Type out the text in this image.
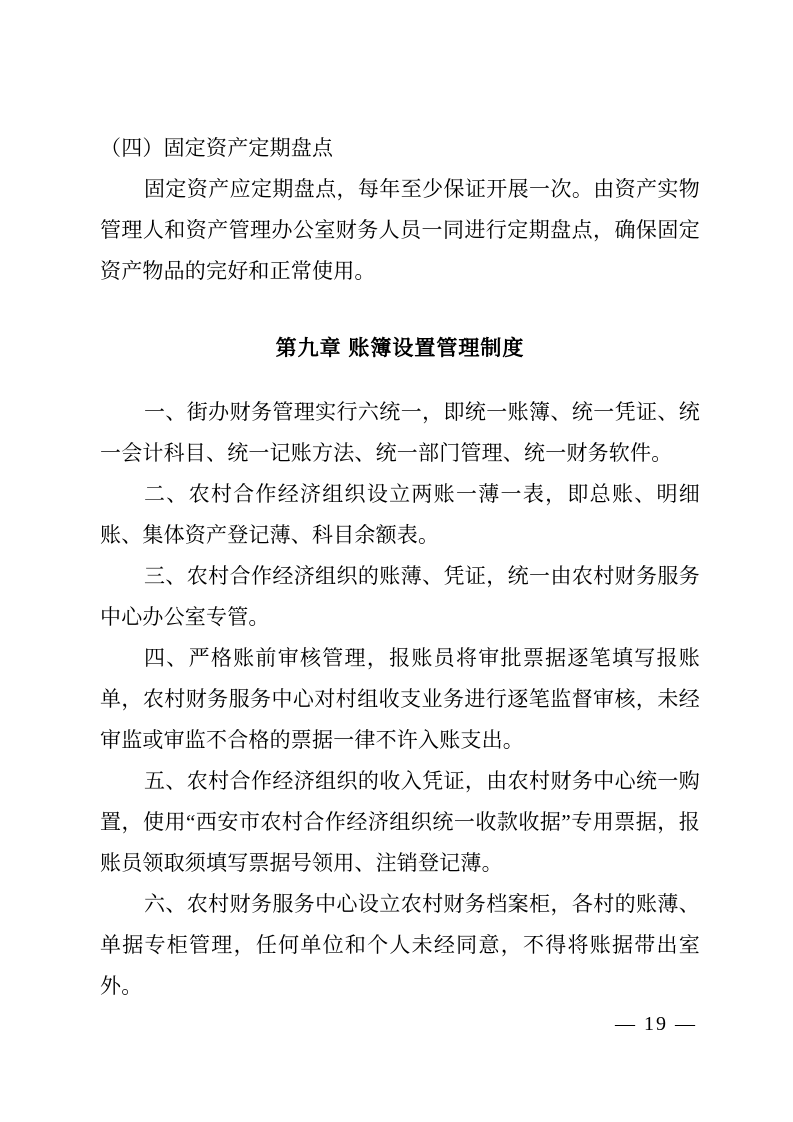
（四）固定资产定期盘点

固定资产应定期盘点，每年至少保证开展一次。由资产实物管理人和资产管理办公室财务人员一同进行定期盘点，确保固定资产物品的完好和正常使用。

第九章 账簿设置管理制度

一、街办财务管理实行六统一，即统一账簿、统一凭证、统一会计科目、统一记账方法、统一部门管理、统一财务软件。

二、农村合作经济组织设立两账一薄一表，即总账、明细账、集体资产登记薄、科目余额表。

三、农村合作经济组织的账薄、凭证，统一由农村财务服务中心办公室专管。

四、严格账前审核管理，报账员将审批票据逐笔填写报账单，农村财务服务中心对村组收支业务进行逐笔监督审核，未经审监或审监不合格的票据一律不许入账支出。

五、农村合作经济组织的收入凭证，由农村财务中心统一购置，使用“西安市农村合作经济组织统一收款收据”专用票据，报账员领取须填写票据号领用、注销登记薄。

六、农村财务服务中心设立农村财务档案柜，各村的账薄、单据专柜管理，任何单位和个人未经同意，不得将账据带出室外。

— 19 —
